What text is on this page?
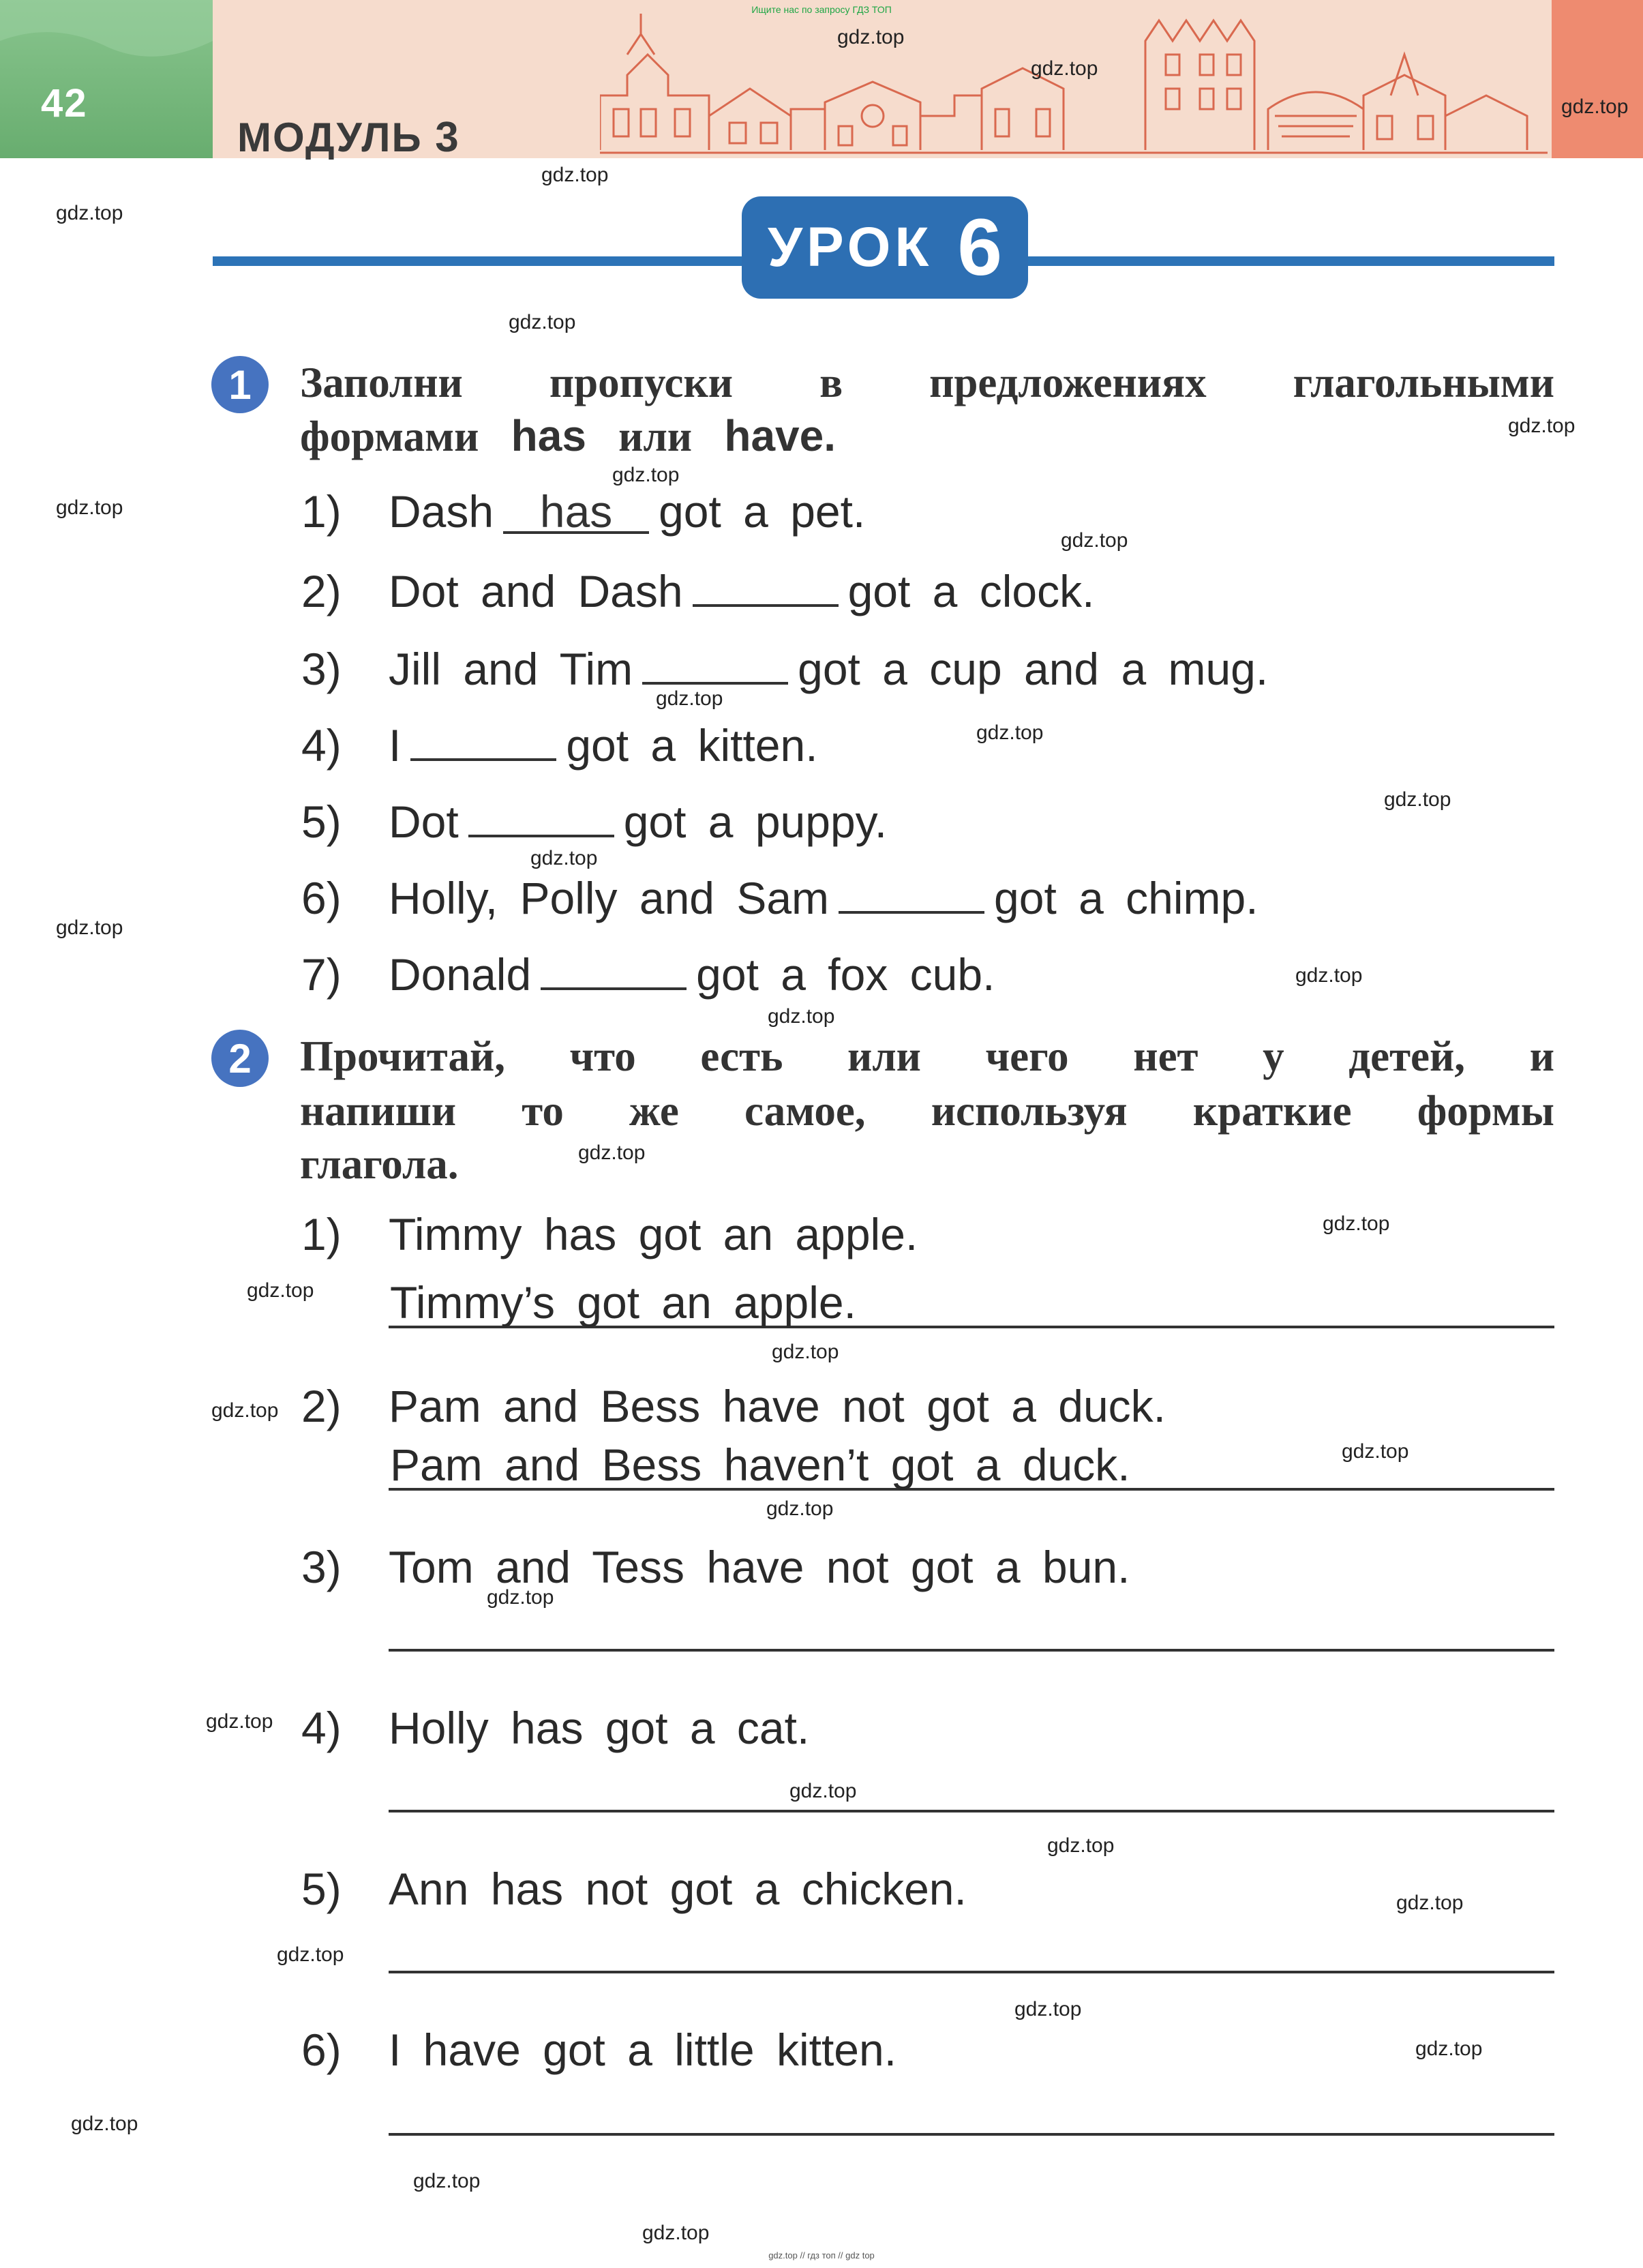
42
МОДУЛЬ 3
Ищите нас по запросу ГДЗ ТОП
УРОК 6
1	Заполни пропуски в предложениях глагольными
формами has или have.
1) Dash has got a pet.
2) Dot and Dash	got a clock.
3) Jill and Tim	got a cup and a mug.
4) I	got a kitten.
5) Dot	got a puppy.
6) Holly, Polly and Sam	got a chimp.
7) Donald	got a fox cub.
2	Прочитай, что есть или чего нет у детей, и
напиши то же самое, используя краткие формы
глагола.
1) Timmy has got an apple.
Timmy’s got an apple.
2) Pam and Bess have not got a duck.
Pam and Bess haven’t got a duck.
3) Tom and Tess have not got a bun.
4) Holly has got a cat.
5) Ann has not got a chicken.
6) I have got a little kitten.
gdz.top
gdz.top
gdz.top
gdz.top
gdz.top
gdz.top
gdz.top
gdz.top
gdz.top
gdz.top
gdz.top
gdz.top
gdz.top
gdz.top
gdz.top
gdz.top
gdz.top
gdz.top
gdz.top
gdz.top
gdz.top
gdz.top
gdz.top
gdz.top
gdz.top
gdz.top
gdz.top
gdz.top
gdz.top
gdz.top
gdz.top
gdz.top
gdz.top
gdz.top
gdz.top
gdz.top // гдз топ // gdz top
